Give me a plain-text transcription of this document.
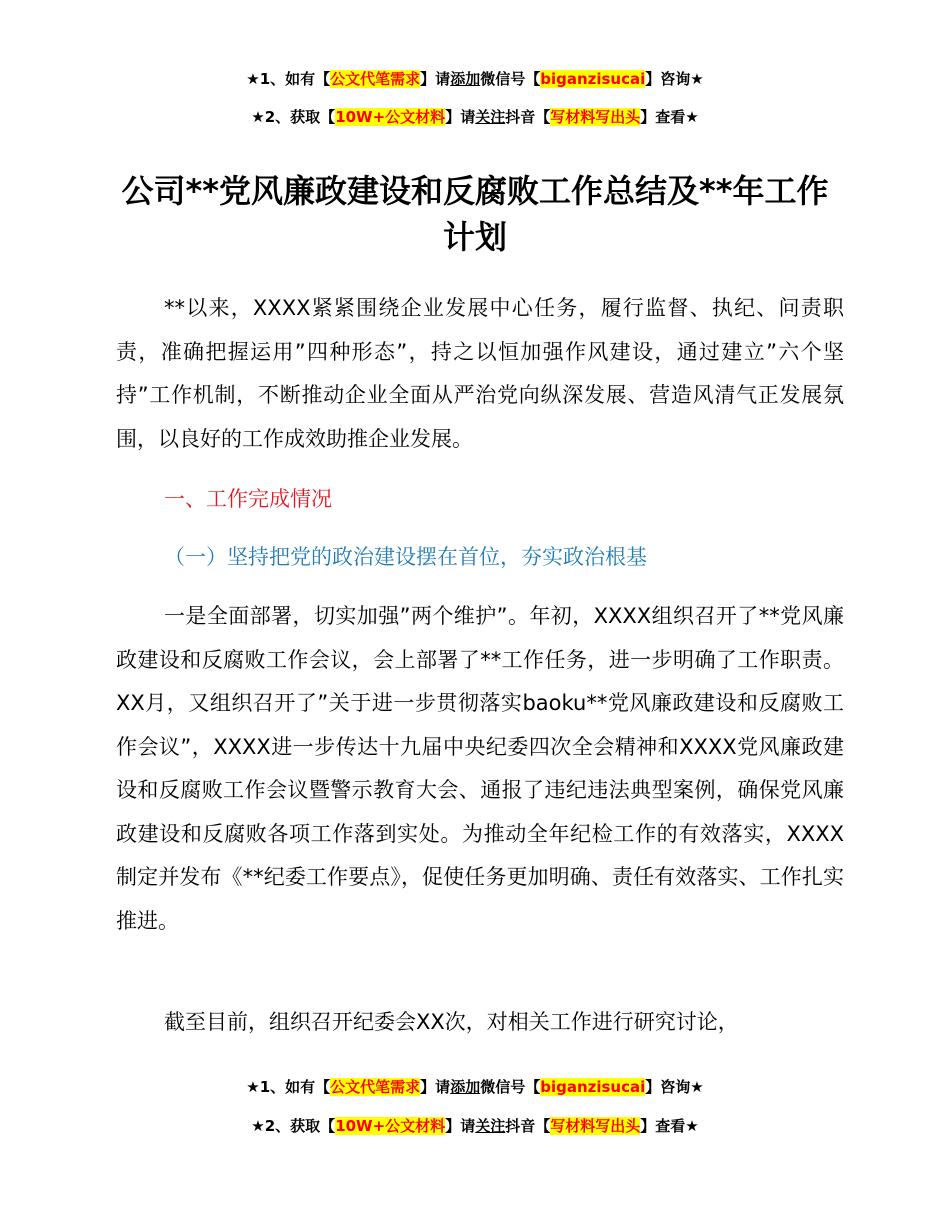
★1、如有【公文代笔需求】请添加微信号【biganzisucai】咨询★
★2、获取【10W+公文材料】请关注抖音【写材料写出头】查看★
公司**党风廉政建设和反腐败工作总结及**年工作计划

**以来，XXXX紧紧围绕企业发展中心任务，履行监督、执纪、问责职责，准确把握运用”四种形态”，持之以恒加强作风建设，通过建立”六个坚持”工作机制，不断推动企业全面从严治党向纵深发展、营造风清气正发展氛围，以良好的工作成效助推企业发展。

一、工作完成情况
（一）坚持把党的政治建设摆在首位，夯实政治根基

一是全面部署，切实加强”两个维护”。年初，XXXX组织召开了**党风廉政建设和反腐败工作会议，会上部署了**工作任务，进一步明确了工作职责。XX月，又组织召开了”关于进一步贯彻落实baoku**党风廉政建设和反腐败工作会议”，XXXX进一步传达十九届中央纪委四次全会精神和XXXX党风廉政建设和反腐败工作会议暨警示教育大会、通报了违纪违法典型案例，确保党风廉政建设和反腐败各项工作落到实处。为推动全年纪检工作的有效落实，XXXX制定并发布《**纪委工作要点》，促使任务更加明确、责任有效落实、工作扎实推进。

截至目前，组织召开纪委会XX次，对相关工作进行研究讨论，

★1、如有【公文代笔需求】请添加微信号【biganzisucai】咨询★
★2、获取【10W+公文材料】请关注抖音【写材料写出头】查看★
